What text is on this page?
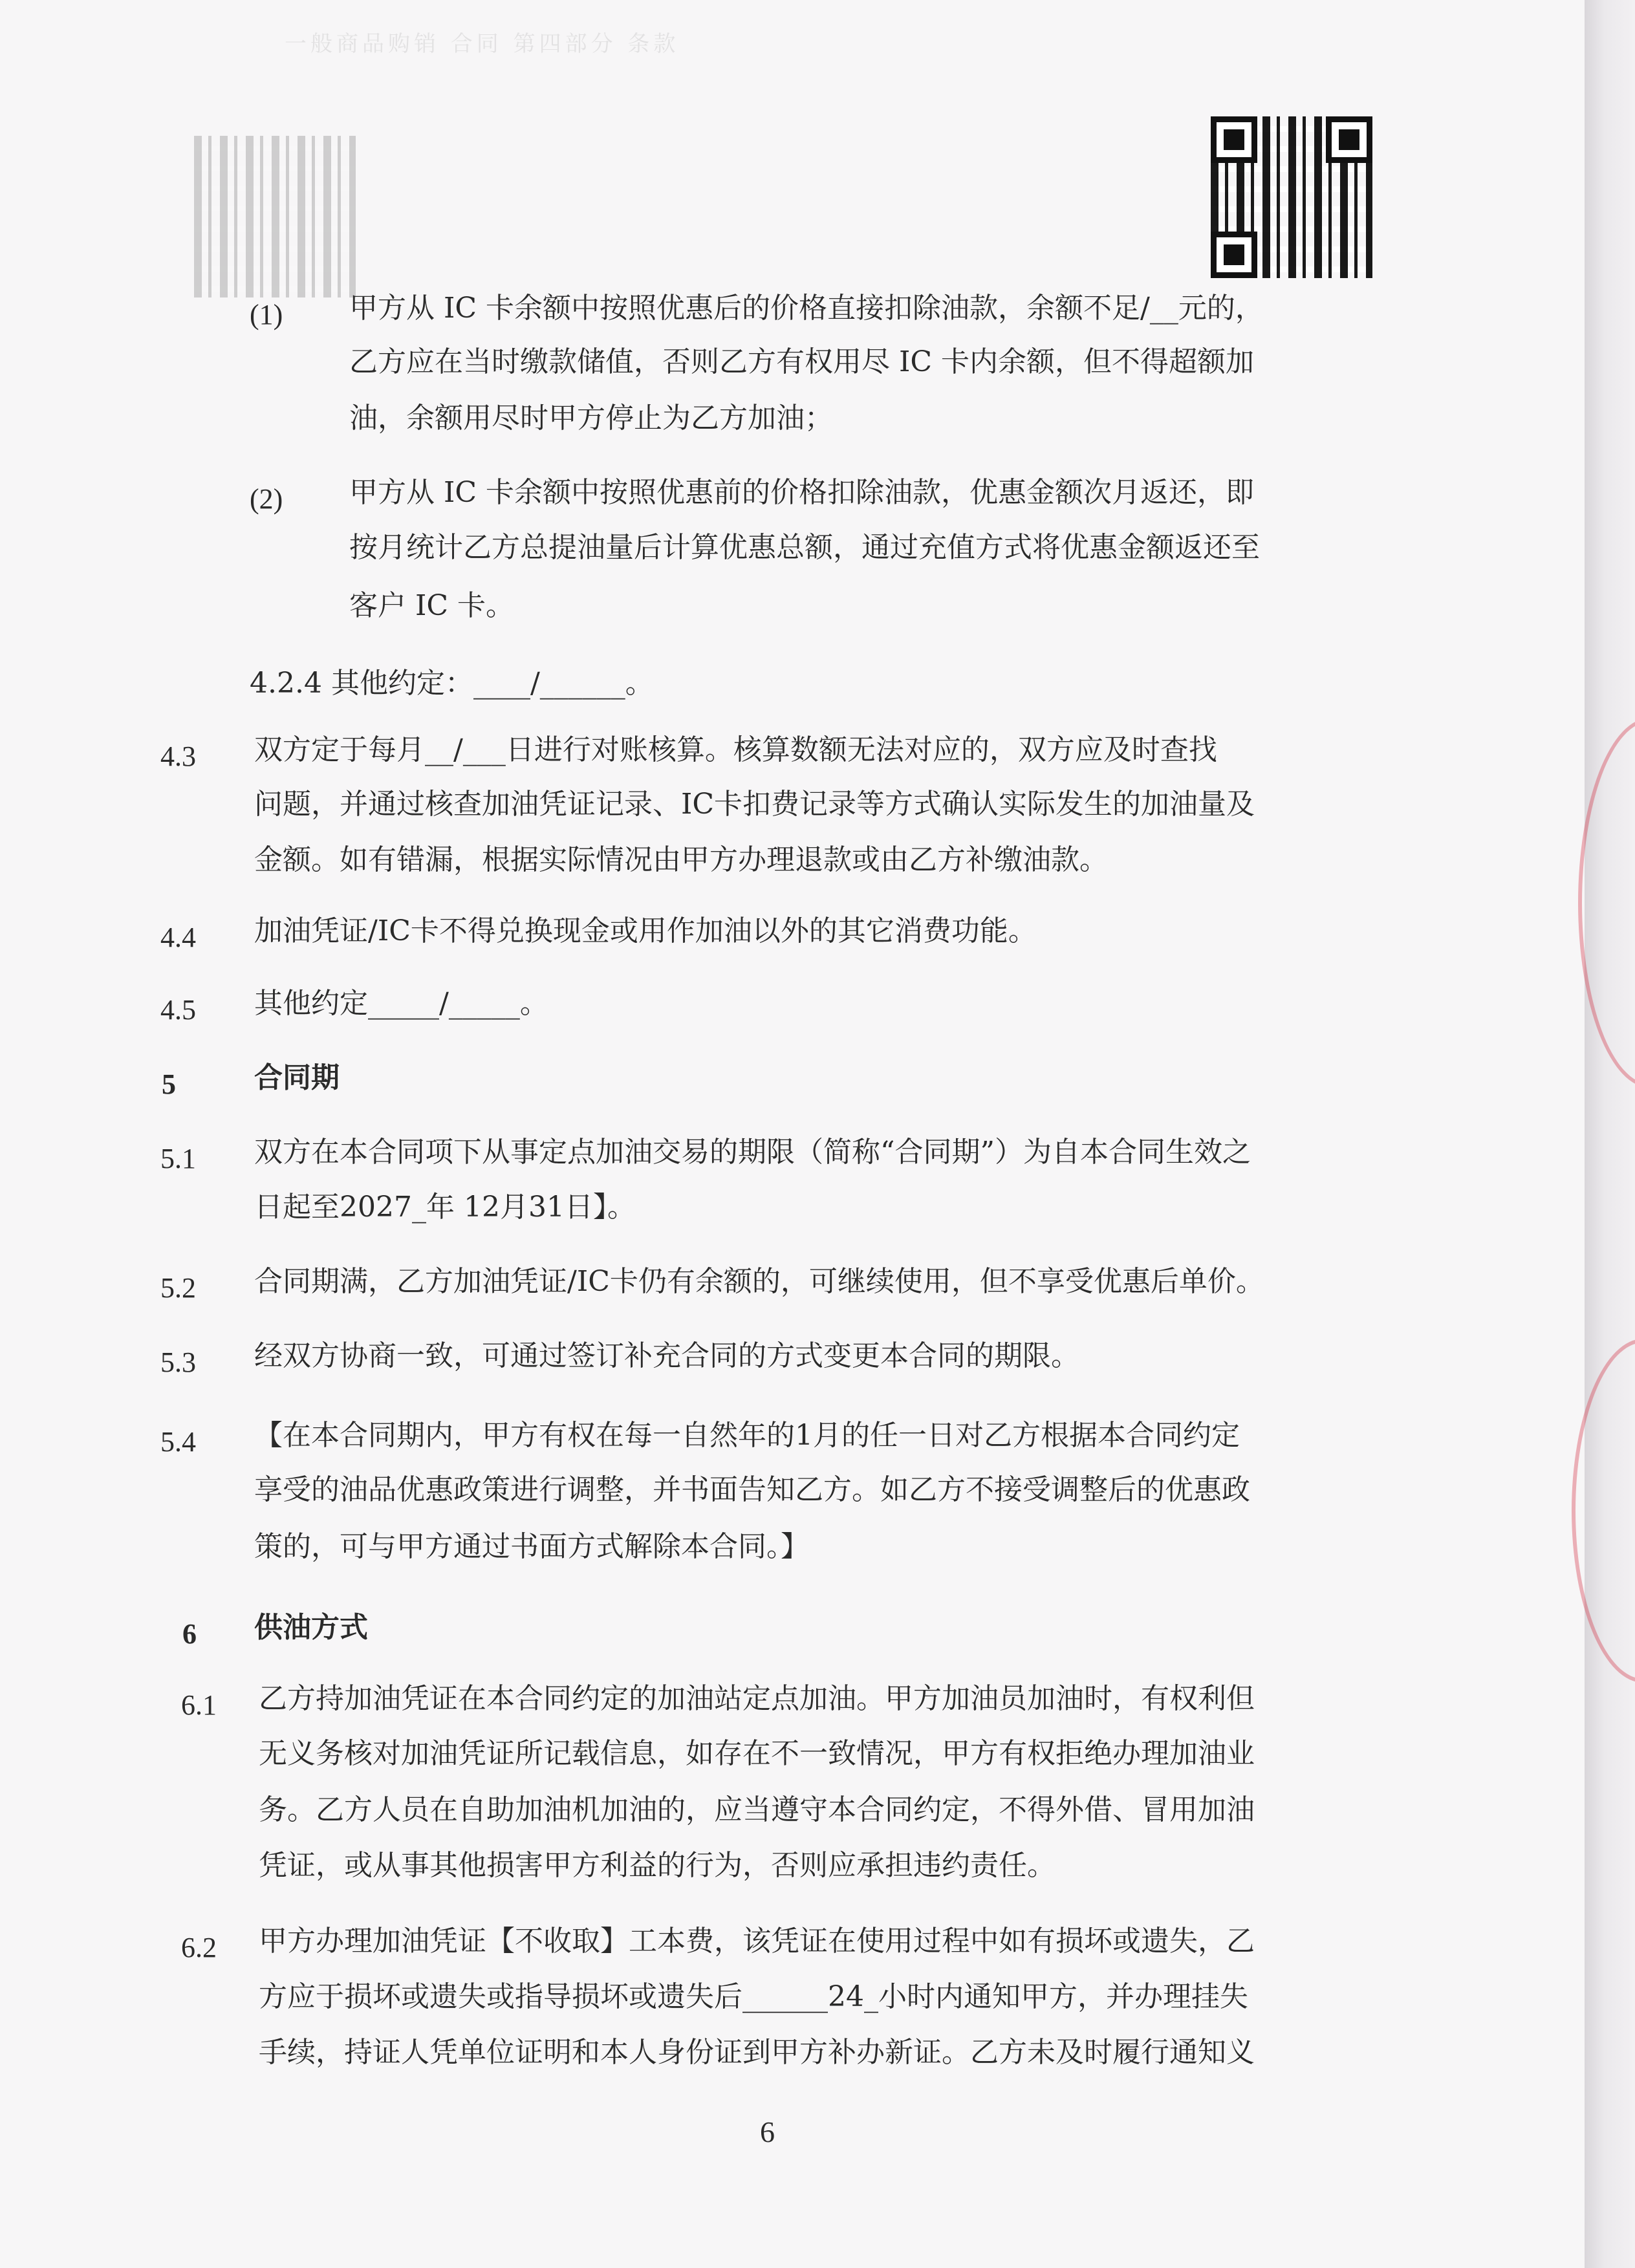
一般商品购销 合同 第四部分 条款
(1) 甲方从 IC 卡余额中按照优惠后的价格直接扣除油款，余额不足/__元的，
乙方应在当时缴款储值，否则乙方有权用尽 IC 卡内余额，但不得超额加
油，余额用尽时甲方停止为乙方加油；
(2) 甲方从 IC 卡余额中按照优惠前的价格扣除油款，优惠金额次月返还，即
按月统计乙方总提油量后计算优惠总额，通过充值方式将优惠金额返还至
客户 IC 卡。
4.2.4 其他约定：____/______。
4.3 双方定于每月__/___日进行对账核算。核算数额无法对应的，双方应及时查找
问题，并通过核查加油凭证记录、IC卡扣费记录等方式确认实际发生的加油量及
金额。如有错漏，根据实际情况由甲方办理退款或由乙方补缴油款。
4.4 加油凭证/IC卡不得兑换现金或用作加油以外的其它消费功能。
4.5 其他约定_____/_____。
5	合同期
5.1 双方在本合同项下从事定点加油交易的期限（简称“合同期”）为自本合同生效之
日起至2027_年 12月31日】。
5.2 合同期满，乙方加油凭证/IC卡仍有余额的，可继续使用，但不享受优惠后单价。
5.3 经双方协商一致，可通过签订补充合同的方式变更本合同的期限。
5.4 【在本合同期内，甲方有权在每一自然年的1月的任一日对乙方根据本合同约定
享受的油品优惠政策进行调整，并书面告知乙方。如乙方不接受调整后的优惠政
策的，可与甲方通过书面方式解除本合同。】
6 供油方式
6.1 乙方持加油凭证在本合同约定的加油站定点加油。甲方加油员加油时，有权利但
无义务核对加油凭证所记载信息，如存在不一致情况，甲方有权拒绝办理加油业
务。乙方人员在自助加油机加油的，应当遵守本合同约定，不得外借、冒用加油
凭证，或从事其他损害甲方利益的行为，否则应承担违约责任。
6.2 甲方办理加油凭证【不收取】工本费，该凭证在使用过程中如有损坏或遗失，乙
方应于损坏或遗失或指导损坏或遗失后______24_小时内通知甲方，并办理挂失
手续，持证人凭单位证明和本人身份证到甲方补办新证。乙方未及时履行通知义
6
